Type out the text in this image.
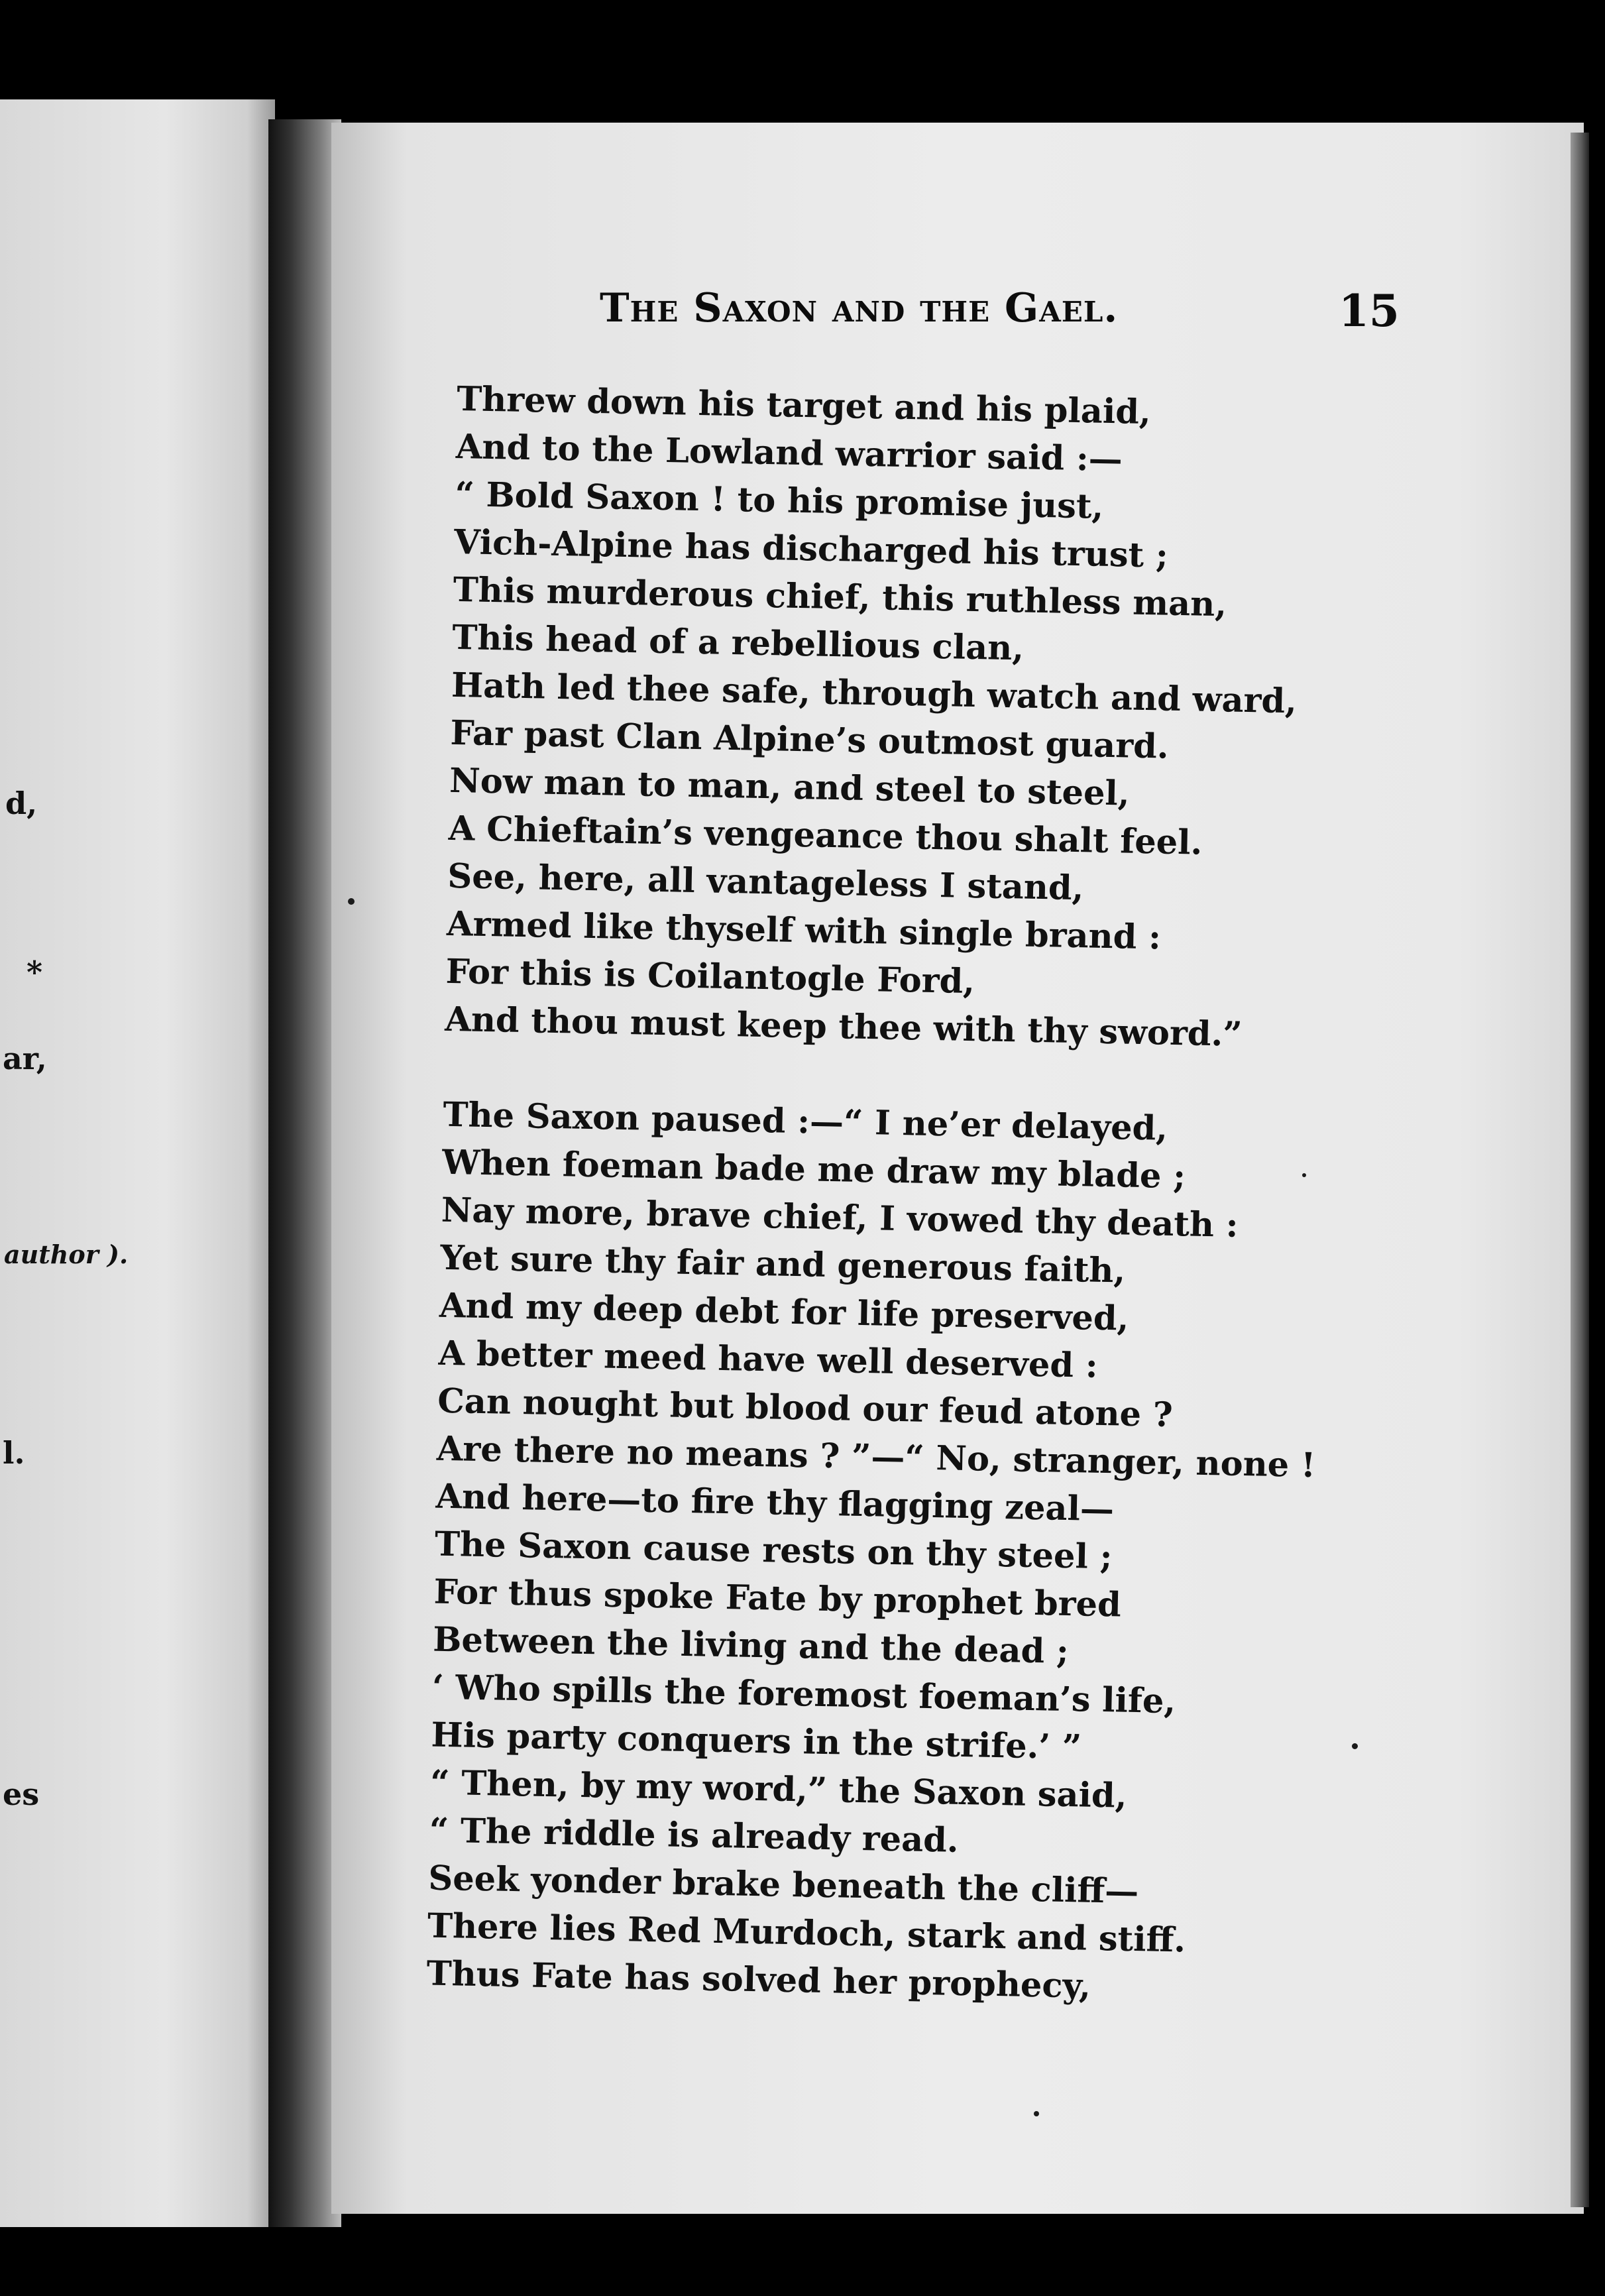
d,
*
ar,
author ).
l.
es
The Saxon and the Gael.	15
Threw down his target and his plaid,
And to the Lowland warrior said :—
“ Bold Saxon ! to his promise just,
Vich-Alpine has discharged his trust ;
This murderous chief, this ruthless man,
This head of a rebellious clan,
Hath led thee safe, through watch and ward,
Far past Clan Alpine’s outmost guard.
Now man to man, and steel to steel,
A Chieftain’s vengeance thou shalt feel.
See, here, all vantageless I stand,
Armed like thyself with single brand :
For this is Coilantogle Ford,
And thou must keep thee with thy sword.”
The Saxon paused :—“ I ne’er delayed,
When foeman bade me draw my blade ;
Nay more, brave chief, I vowed thy death :
Yet sure thy fair and generous faith,
And my deep debt for life preserved,
A better meed have well deserved :
Can nought but blood our feud atone ?
Are there no means ? ”—“ No, stranger, none !
And here—to fire thy flagging zeal—
The Saxon cause rests on thy steel ;
For thus spoke Fate by prophet bred
Between the living and the dead ;
‘ Who spills the foremost foeman’s life,
His party conquers in the strife.’ ”
“ Then, by my word,” the Saxon said,
“ The riddle is already read.
Seek yonder brake beneath the cliff—
There lies Red Murdoch, stark and stiff.
Thus Fate has solved her prophecy,
